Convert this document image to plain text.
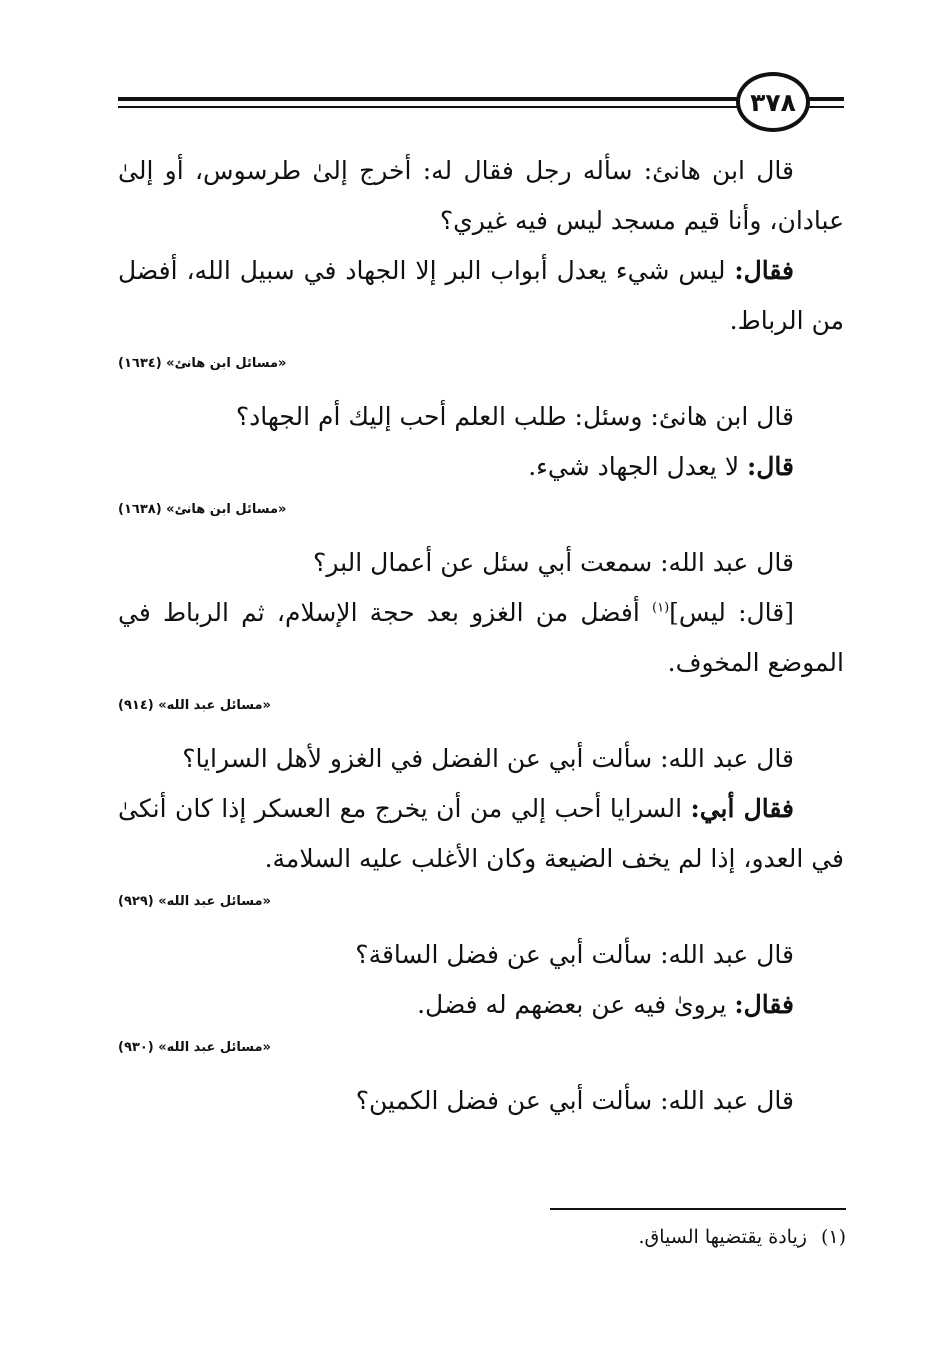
٣٧٨

قال ابن هانئ: سأله رجل فقال له: أخرج إلىٰ طرسوس، أو إلىٰ عبادان، وأنا قيم مسجد ليس فيه غيري؟

فقال: ليس شيء يعدل أبواب البر إلا الجهاد في سبيل الله، أفضل من الرباط.

«مسائل ابن هانئ» (١٦٣٤)

قال ابن هانئ: وسئل: طلب العلم أحب إليك أم الجهاد؟

قال: لا يعدل الجهاد شيء.

«مسائل ابن هانئ» (١٦٣٨)

قال عبد الله: سمعت أبي سئل عن أعمال البر؟

[قال: ليس]$^{(١)}$ أفضل من الغزو بعد حجة الإسلام، ثم الرباط في الموضع المخوف.

«مسائل عبد الله» (٩١٤)

قال عبد الله: سألت أبي عن الفضل في الغزو لأهل السرايا؟

فقال أبي: السرايا أحب إلي من أن يخرج مع العسكر إذا كان أنكىٰ في العدو، إذا لم يخف الضيعة وكان الأغلب عليه السلامة.

«مسائل عبد الله» (٩٢٩)

قال عبد الله: سألت أبي عن فضل الساقة؟

فقال: يروىٰ فيه عن بعضهم له فضل.

«مسائل عبد الله» (٩٣٠)

قال عبد الله: سألت أبي عن فضل الكمين؟

(١)زيادة يقتضيها السياق.
